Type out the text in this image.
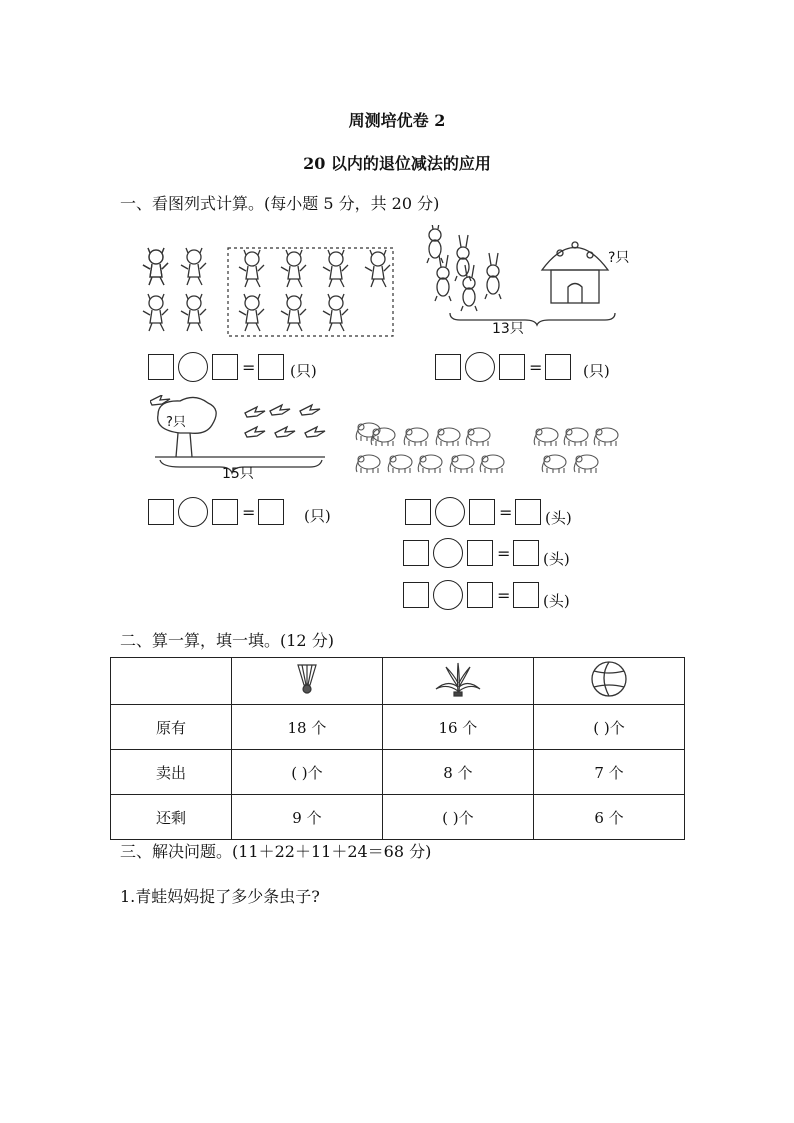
周测培优卷 2
20 以内的退位减法的应用
一、看图列式计算。(每小题 5 分，共 20 分)
?只
13只
= (只)	=	(只)
?只
15只
=	(只)	= (头)
= (头)
= (头)
二、算一算，填一填。(12 分)

原有	18 个	16 个	( )个
卖出	( )个	8 个	7 个
还剩	9 个	( )个	6 个
三、解决问题。(11＋22＋11＋24＝68 分)
1.青蛙妈妈捉了多少条虫子?
